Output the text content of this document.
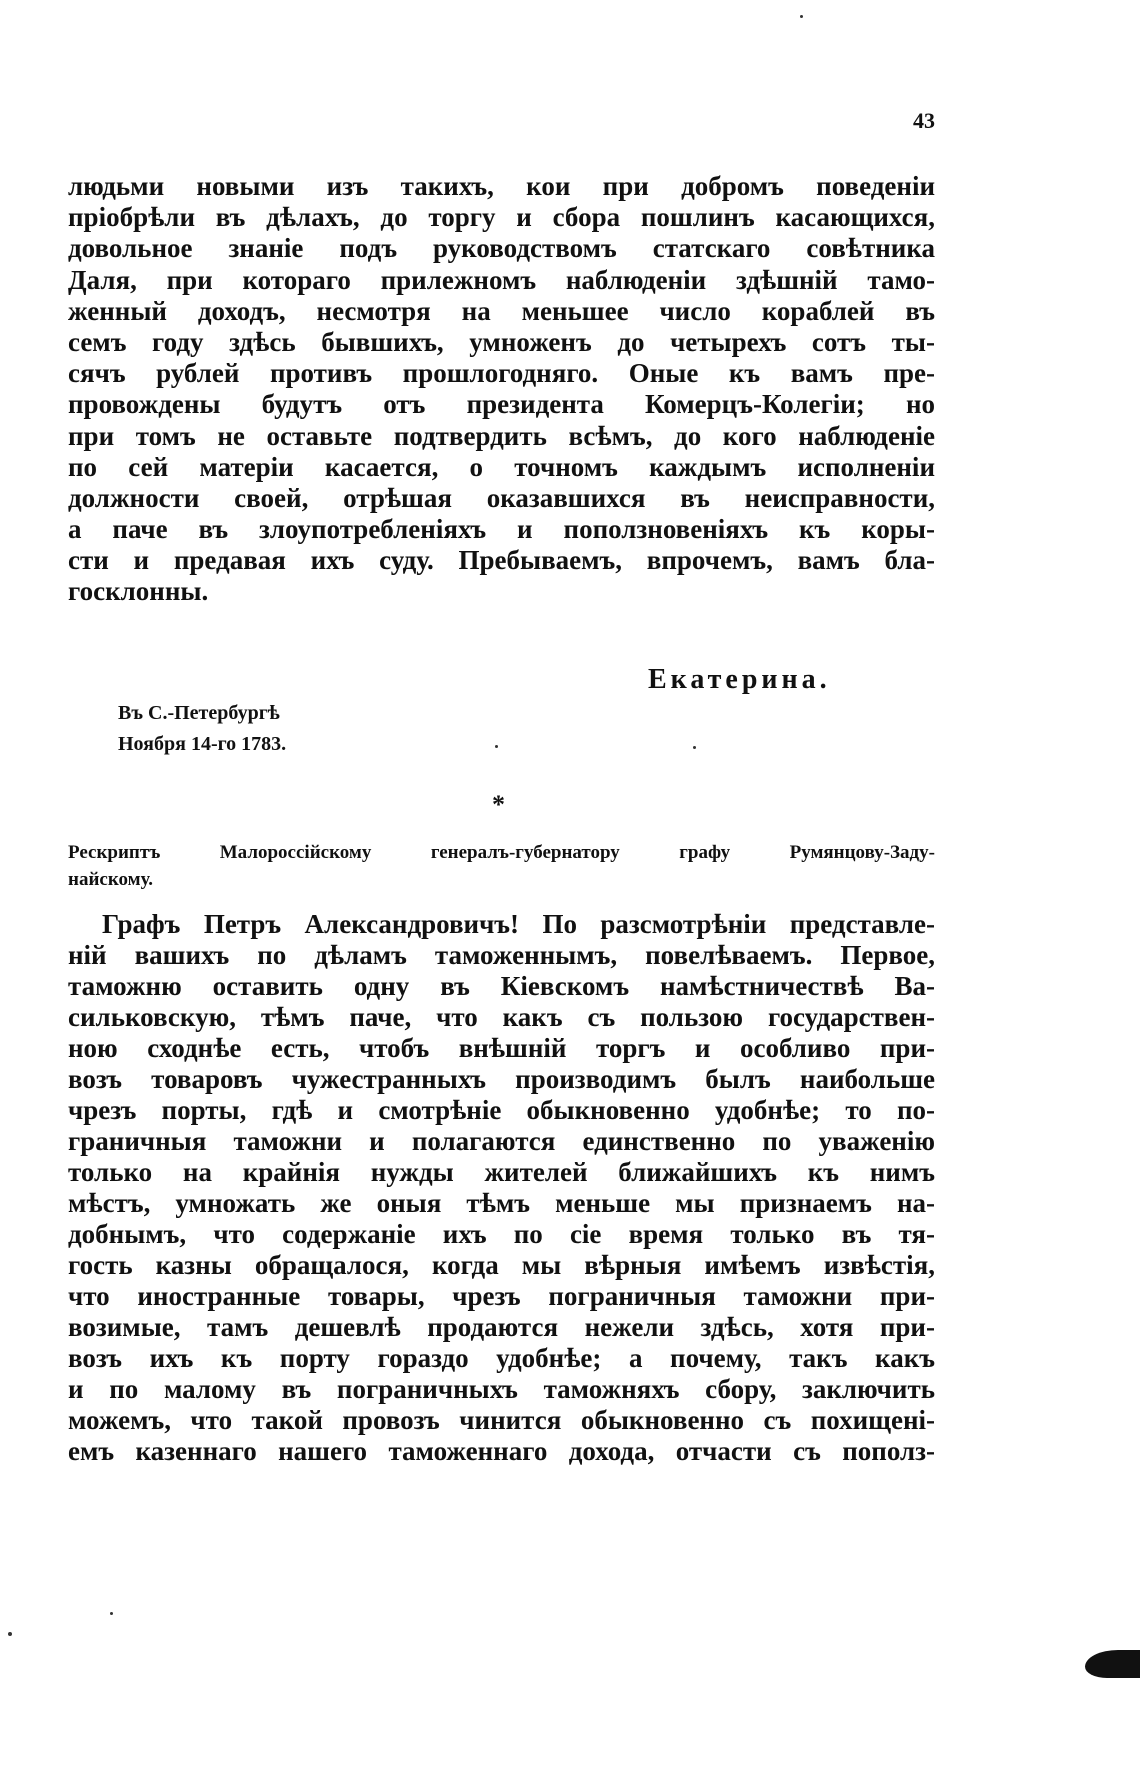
43
людьми новыми изъ такихъ, кои при добромъ поведеніи
пріобрѣли въ дѣлахъ, до торгу и сбора пошлинъ касающихся,
довольное знаніе подъ руководствомъ статскаго совѣтника
Даля, при котораго прилежномъ наблюденіи здѣшній тамо-
женный доходъ, несмотря на меньшее число кораблей въ
семъ году здѣсь бывшихъ, умноженъ до четырехъ сотъ ты-
сячъ рублей противъ прошлогодняго. Оные къ вамъ пре-
провождены будутъ отъ президента Комерцъ-Колегіи; но
при томъ не оставьте подтвердить всѣмъ, до кого наблюденіе
по сей матеріи касается, о точномъ каждымъ исполненіи
должности своей, отрѣшая оказавшихся въ неисправности,
а паче въ злоупотребленіяхъ и поползновеніяхъ къ коры-
сти и предавая ихъ суду. Пребываемъ, впрочемъ, вамъ бла-
госклонны.
Екатерина.
Въ С.-Петербургѣ
Ноября 14-го 1783.
*
Рескриптъ Малороссійскому генералъ-губернатору графу Румянцову-Заду-
найскому.
Графъ Петръ Александровичъ! По разсмотрѣніи представле-
ній вашихъ по дѣламъ таможеннымъ, повелѣваемъ. Первое,
таможню оставить одну въ Кіевскомъ намѣстничествѣ Ва-
сильковскую, тѣмъ паче, что какъ съ пользою государствен-
ною сходнѣе есть, чтобъ внѣшній торгъ и особливо при-
возъ товаровъ чужестранныхъ производимъ былъ наибольше
чрезъ порты, гдѣ и смотрѣніе обыкновенно удобнѣе; то по-
граничныя таможни и полагаются единственно по уваженію
только на крайнія нужды жителей ближайшихъ къ нимъ
мѣстъ, умножать же оныя тѣмъ меньше мы признаемъ на-
добнымъ, что содержаніе ихъ по сіе время только въ тя-
гость казны обращалося, когда мы вѣрныя имѣемъ извѣстія,
что иностранные товары, чрезъ пограничныя таможни при-
возимые, тамъ дешевлѣ продаются нежели здѣсь, хотя при-
возъ ихъ къ порту гораздо удобнѣе; а почему, такъ какъ
и по малому въ пограничныхъ таможняхъ сбору, заключить
можемъ, что такой провозъ чинится обыкновенно съ похищені-
емъ казеннаго нашего таможеннаго дохода, отчасти съ пополз-
